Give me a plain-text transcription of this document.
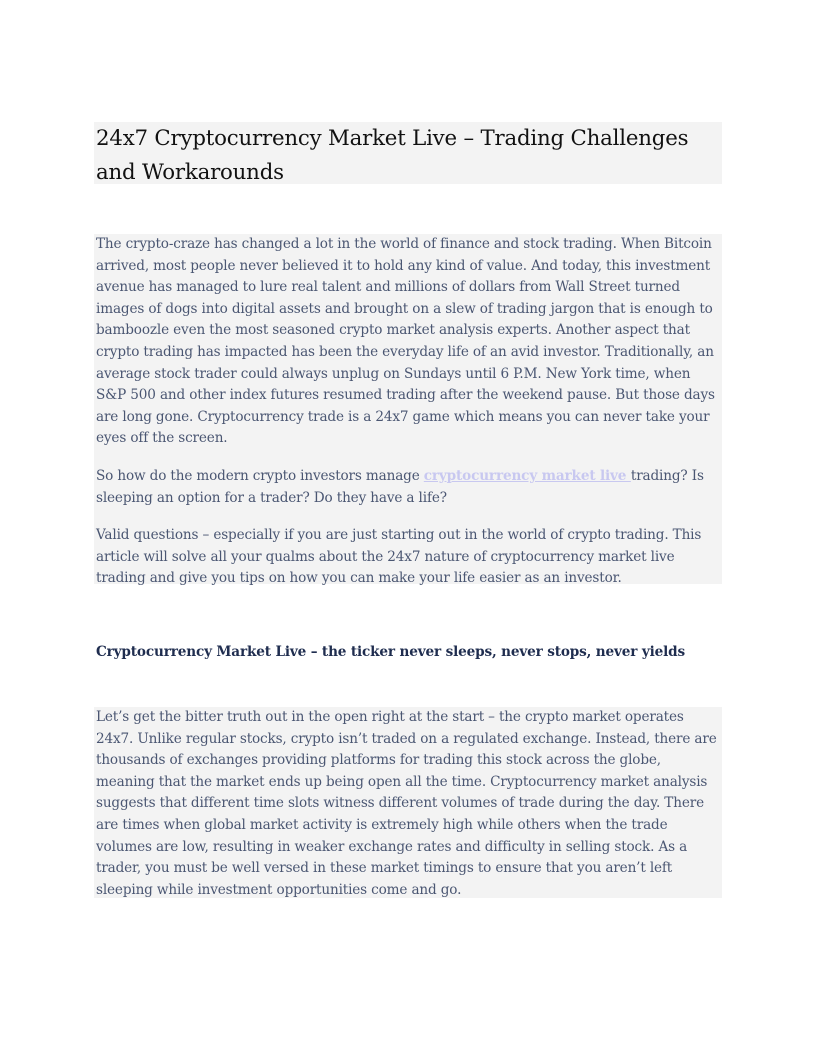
24x7 Cryptocurrency Market Live – Trading Challenges and Workarounds

The crypto-craze has changed a lot in the world of finance and stock trading. When Bitcoin arrived, most people never believed it to hold any kind of value. And today, this investment avenue has managed to lure real talent and millions of dollars from Wall Street turned images of dogs into digital assets and brought on a slew of trading jargon that is enough to bamboozle even the most seasoned crypto market analysis experts. Another aspect that crypto trading has impacted has been the everyday life of an avid investor. Traditionally, an average stock trader could always unplug on Sundays until 6 P.M. New York time, when S&P 500 and other index futures resumed trading after the weekend pause. But those days are long gone. Cryptocurrency trade is a 24x7 game which means you can never take your eyes off the screen.

So how do the modern crypto investors manage cryptocurrency market live trading? Is sleeping an option for a trader? Do they have a life?

Valid questions – especially if you are just starting out in the world of crypto trading. This article will solve all your qualms about the 24x7 nature of cryptocurrency market live trading and give you tips on how you can make your life easier as an investor.

Cryptocurrency Market Live – the ticker never sleeps, never stops, never yields

Let’s get the bitter truth out in the open right at the start – the crypto market operates 24x7. Unlike regular stocks, crypto isn’t traded on a regulated exchange. Instead, there are thousands of exchanges providing platforms for trading this stock across the globe, meaning that the market ends up being open all the time. Cryptocurrency market analysis suggests that different time slots witness different volumes of trade during the day. There are times when global market activity is extremely high while others when the trade volumes are low, resulting in weaker exchange rates and difficulty in selling stock. As a trader, you must be well versed in these market timings to ensure that you aren’t left sleeping while investment opportunities come and go.
